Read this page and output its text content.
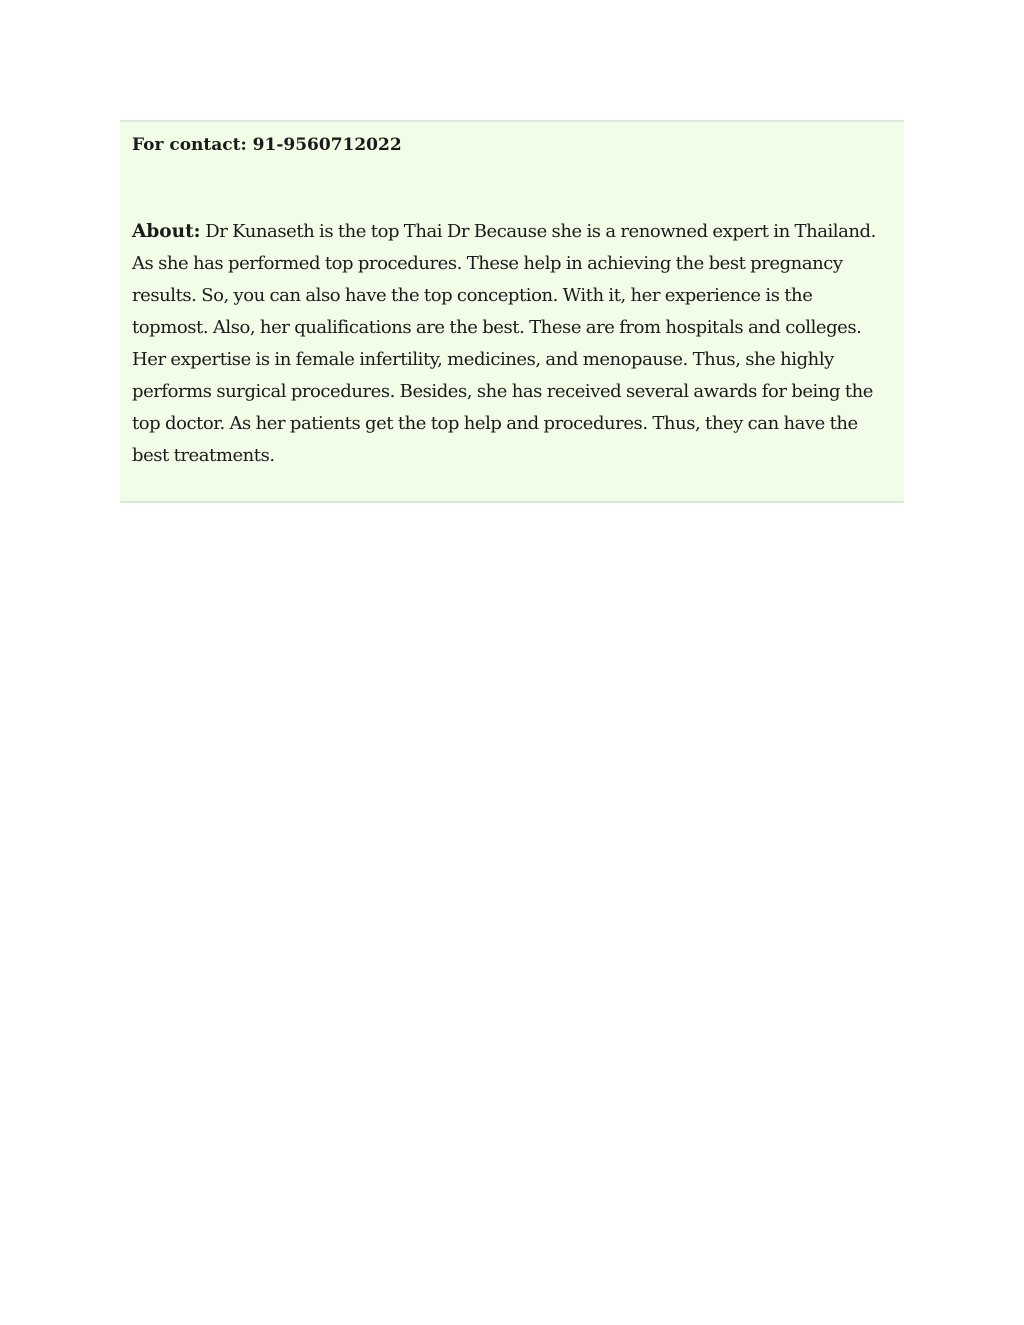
For contact: 91-9560712022

About: Dr Kunaseth is the top Thai Dr Because she is a renowned expert in Thailand. As she has performed top procedures. These help in achieving the best pregnancy results. So, you can also have the top conception. With it, her experience is the topmost. Also, her qualifications are the best. These are from hospitals and colleges. Her expertise is in female infertility, medicines, and menopause. Thus, she highly performs surgical procedures. Besides, she has received several awards for being the top doctor. As her patients get the top help and procedures. Thus, they can have the best treatments.
